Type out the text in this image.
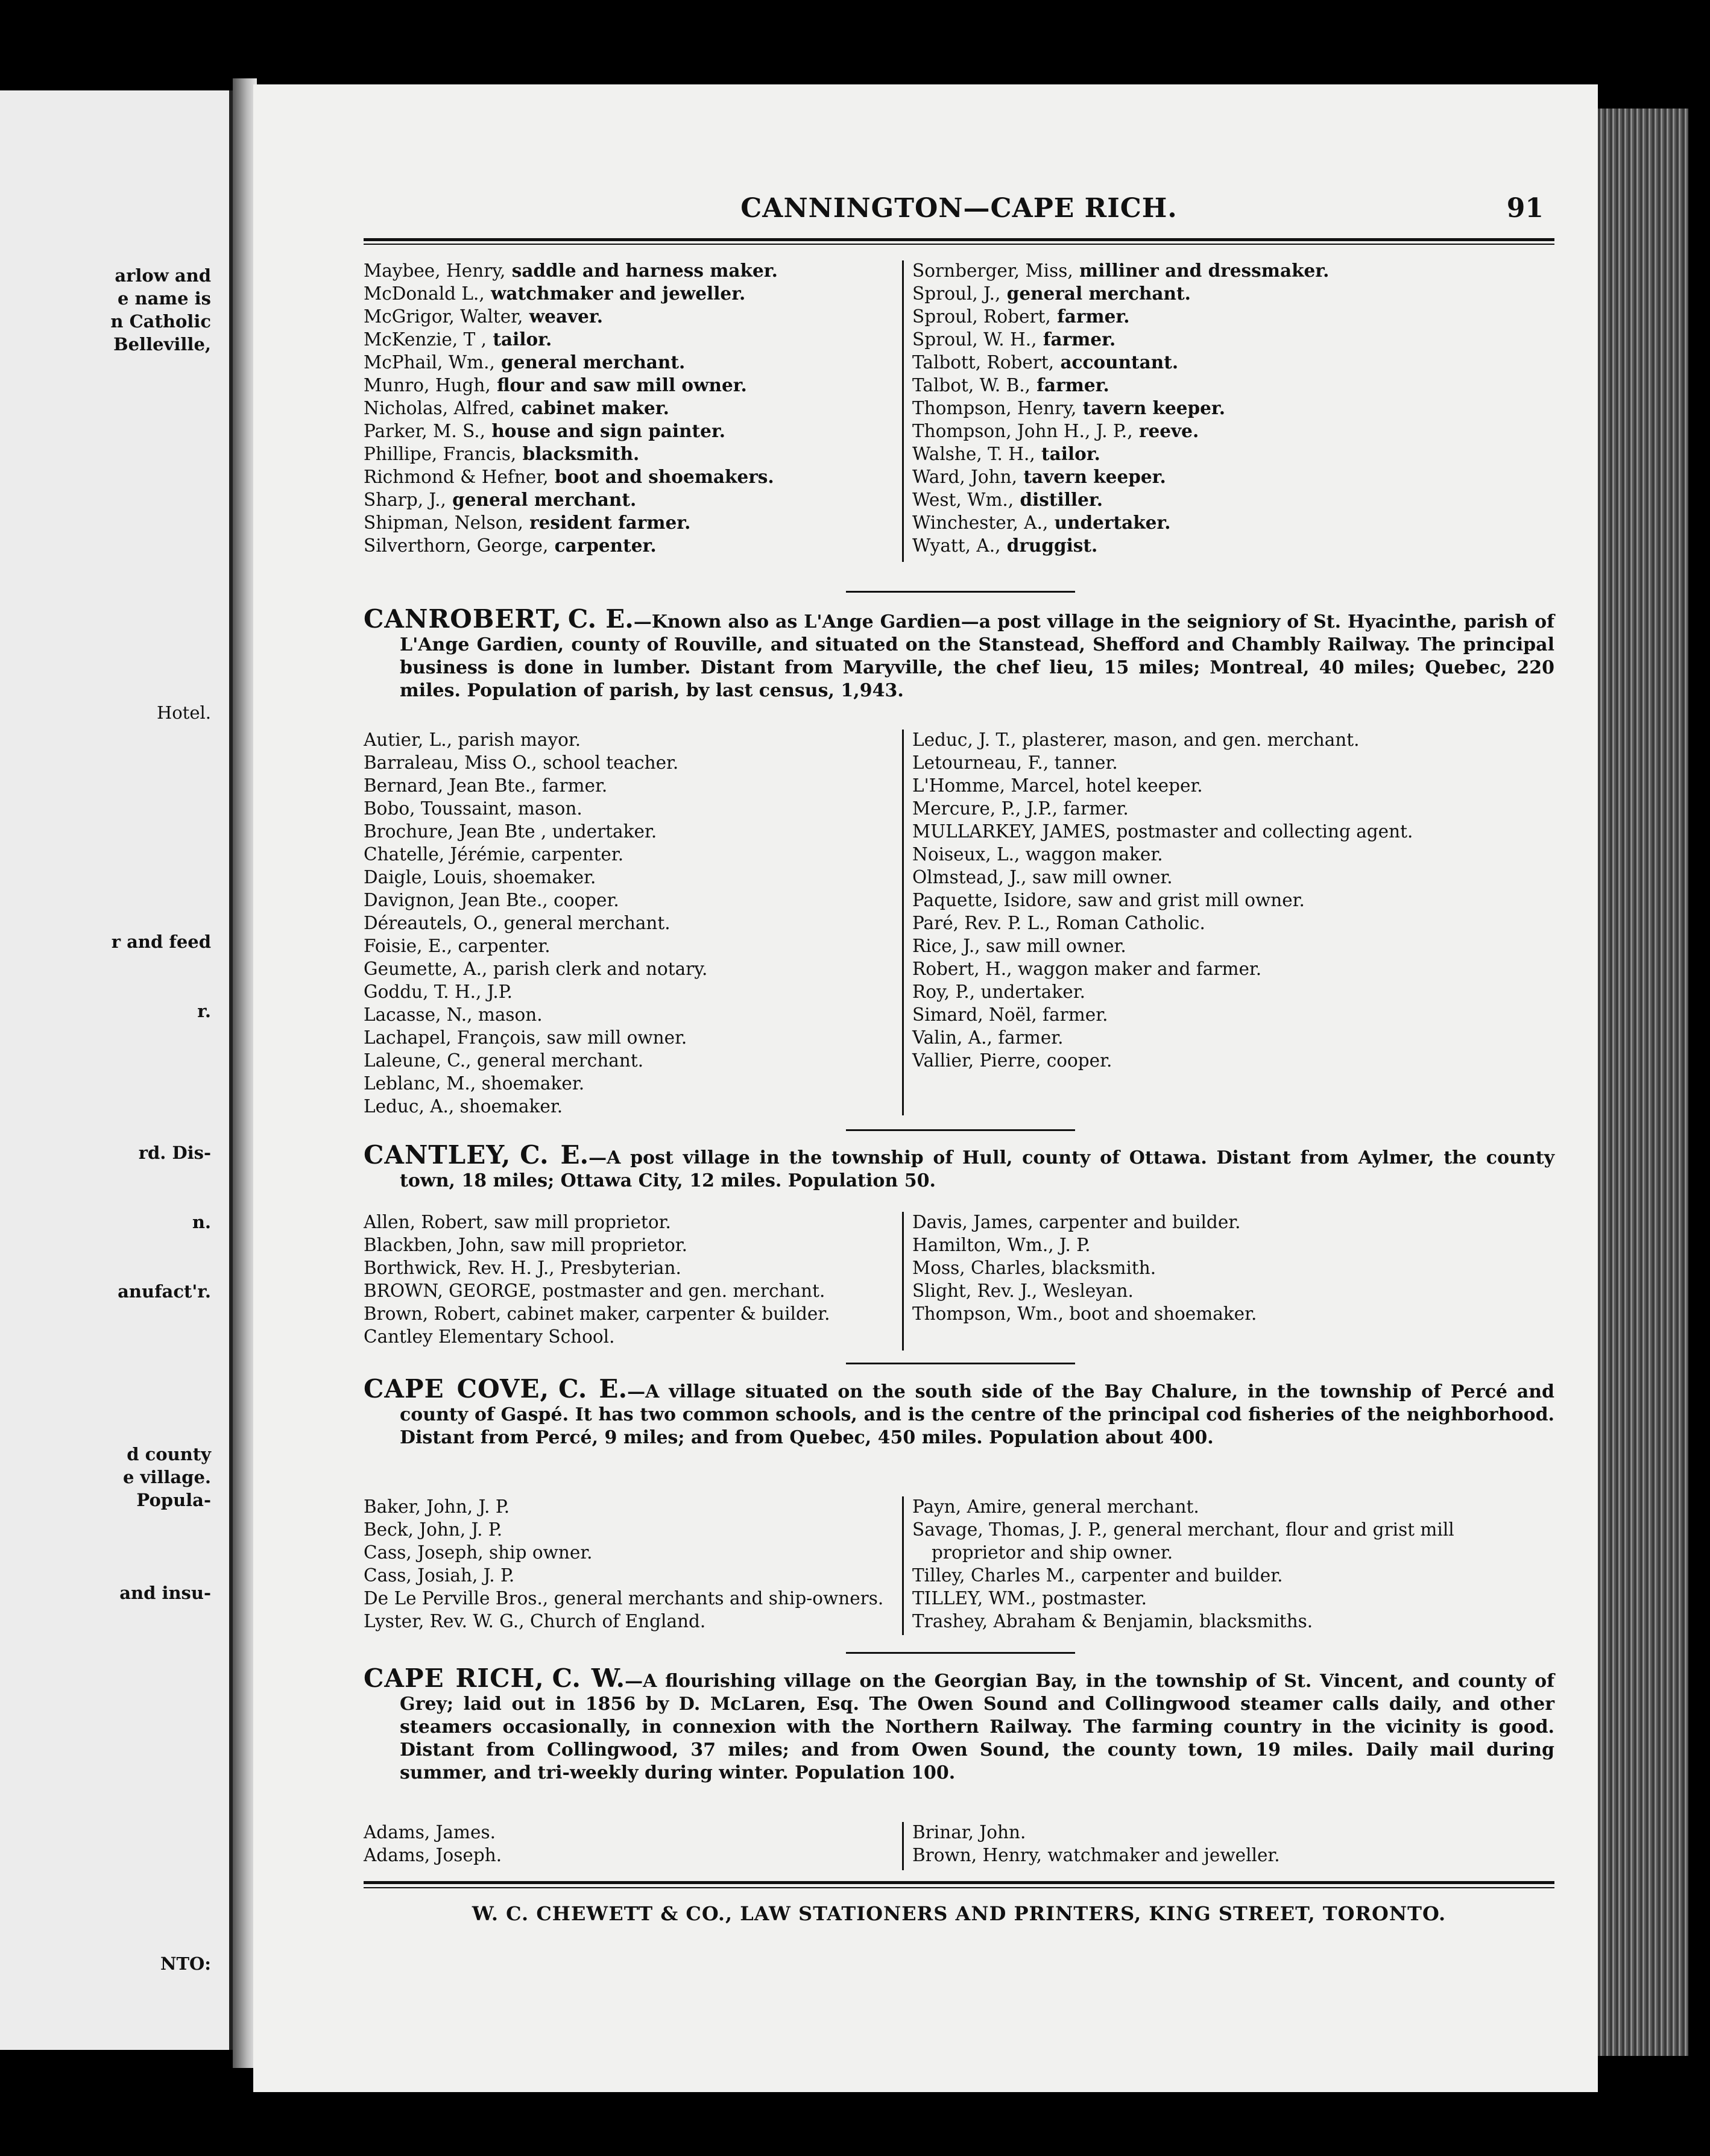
arlow and
e name is
n Catholic
Belleville,
Hotel.
r and feed
r.
rd. Dis-
n.
anufact'r.
d county
e village.
Popula-
and insu-
NTO:
CANNINGTON—CAPE RICH.	91
Maybee, Henry, saddle and harness maker.
McDonald L., watchmaker and jeweller.
McGrigor, Walter, weaver.
McKenzie, T , tailor.
McPhail, Wm., general merchant.
Munro, Hugh, flour and saw mill owner.
Nicholas, Alfred, cabinet maker.
Parker, M. S., house and sign painter.
Phillipe, Francis, blacksmith.
Richmond & Hefner, boot and shoemakers.
Sharp, J., general merchant.
Shipman, Nelson, resident farmer.
Silverthorn, George, carpenter.
Sornberger, Miss, milliner and dressmaker.
Sproul, J., general merchant.
Sproul, Robert, farmer.
Sproul, W. H., farmer.
Talbott, Robert, accountant.
Talbot, W. B., farmer.
Thompson, Henry, tavern keeper.
Thompson, John H., J. P., reeve.
Walshe, T. H., tailor.
Ward, John, tavern keeper.
West, Wm., distiller.
Winchester, A., undertaker.
Wyatt, A., druggist.
CANROBERT, C. E.—Known also as L'Ange Gardien—a post village in the seigniory of St. Hyacinthe, parish of L'Ange Gardien, county of Rouville, and situated on the Stanstead, Shefford and Chambly Railway. The principal business is done in lumber. Distant from Maryville, the chef lieu, 15 miles; Montreal, 40 miles; Quebec, 220 miles. Population of parish, by last census, 1,943.
Autier, L., parish mayor.
Barraleau, Miss O., school teacher.
Bernard, Jean Bte., farmer.
Bobo, Toussaint, mason.
Brochure, Jean Bte , undertaker.
Chatelle, Jérémie, carpenter.
Daigle, Louis, shoemaker.
Davignon, Jean Bte., cooper.
Déreautels, O., general merchant.
Foisie, E., carpenter.
Geumette, A., parish clerk and notary.
Goddu, T. H., J.P.
Lacasse, N., mason.
Lachapel, François, saw mill owner.
Laleune, C., general merchant.
Leblanc, M., shoemaker.
Leduc, A., shoemaker.
Leduc, J. T., plasterer, mason, and gen. merchant.
Letourneau, F., tanner.
L'Homme, Marcel, hotel keeper.
Mercure, P., J.P., farmer.
MULLARKEY, JAMES, postmaster and collecting agent.
Noiseux, L., waggon maker.
Olmstead, J., saw mill owner.
Paquette, Isidore, saw and grist mill owner.
Paré, Rev. P. L., Roman Catholic.
Rice, J., saw mill owner.
Robert, H., waggon maker and farmer.
Roy, P., undertaker.
Simard, Noël, farmer.
Valin, A., farmer.
Vallier, Pierre, cooper.
CANTLEY, C. E.—A post village in the township of Hull, county of Ottawa. Distant from Aylmer, the county town, 18 miles; Ottawa City, 12 miles. Population 50.
Allen, Robert, saw mill proprietor.
Blackben, John, saw mill proprietor.
Borthwick, Rev. H. J., Presbyterian.
BROWN, GEORGE, postmaster and gen. merchant.
Brown, Robert, cabinet maker, carpenter & builder.
Cantley Elementary School.
Davis, James, carpenter and builder.
Hamilton, Wm., J. P.
Moss, Charles, blacksmith.
Slight, Rev. J., Wesleyan.
Thompson, Wm., boot and shoemaker.
CAPE COVE, C. E.—A village situated on the south side of the Bay Chalure, in the township of Percé and county of Gaspé. It has two common schools, and is the centre of the principal cod fisheries of the neighborhood. Distant from Percé, 9 miles; and from Quebec, 450 miles. Population about 400.
Baker, John, J. P.
Beck, John, J. P.
Cass, Joseph, ship owner.
Cass, Josiah, J. P.
De Le Perville Bros., general merchants and ship-owners.
Lyster, Rev. W. G., Church of England.
Payn, Amire, general merchant.
Savage, Thomas, J. P., general merchant, flour and grist mill proprietor and ship owner.
Tilley, Charles M., carpenter and builder.
TILLEY, WM., postmaster.
Trashey, Abraham & Benjamin, blacksmiths.
CAPE RICH, C. W.—A flourishing village on the Georgian Bay, in the township of St. Vincent, and county of Grey; laid out in 1856 by D. McLaren, Esq. The Owen Sound and Collingwood steamer calls daily, and other steamers occasionally, in connexion with the Northern Railway. The farming country in the vicinity is good. Distant from Collingwood, 37 miles; and from Owen Sound, the county town, 19 miles. Daily mail during summer, and tri-weekly during winter. Population 100.
Adams, James.
Adams, Joseph.
Brinar, John.
Brown, Henry, watchmaker and jeweller.
W. C. CHEWETT & CO., LAW STATIONERS AND PRINTERS, KING STREET, TORONTO.
